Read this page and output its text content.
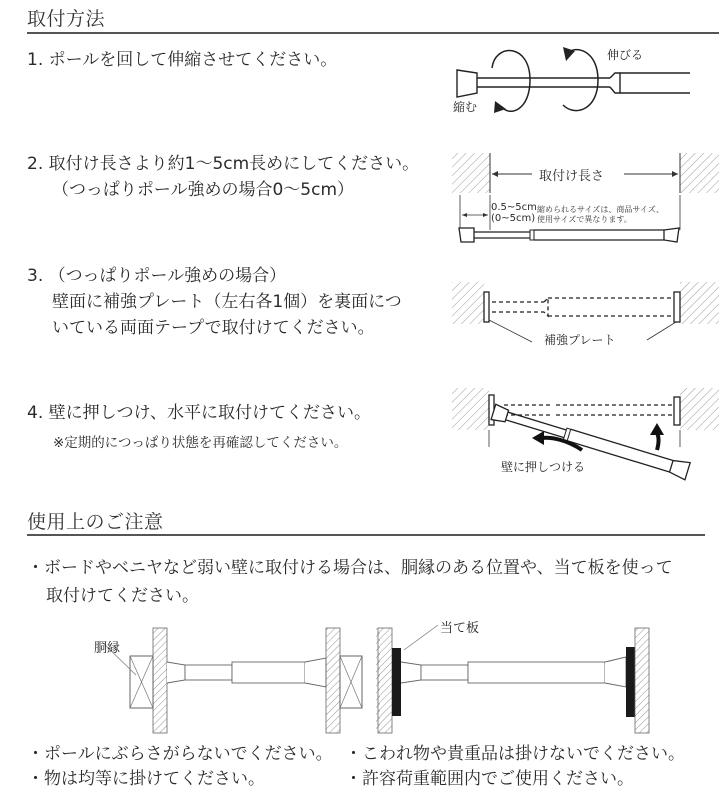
取付方法
1. ポールを回して伸縮させてください。	伸びる
縮む
2. 取付け長さより約1～5cm長めにしてください。
（つっぱりポール強めの場合0～5cm）
取付け長さ
0.5~5cm
(0~5cm)
縮められるサイズは、商品サイズ、
使用サイズで異なります。
3. （つっぱりポール強めの場合）
壁面に補強プレート（左右各1個）を裏面につ
いている両面テープで取付けてください。
補強プレート
4. 壁に押しつけ、水平に取付けてください。
※定期的につっぱり状態を再確認してください。
壁に押しつける
使用上のご注意
・ボードやベニヤなど弱い壁に取付ける場合は、胴縁のある位置や、当て板を使って
取付けてください。
胴縁
当て板
・ポールにぶらさがらないでください。 ・こわれ物や貴重品は掛けないでください。
・物は均等に掛けてください。	・許容荷重範囲内でご使用ください。
